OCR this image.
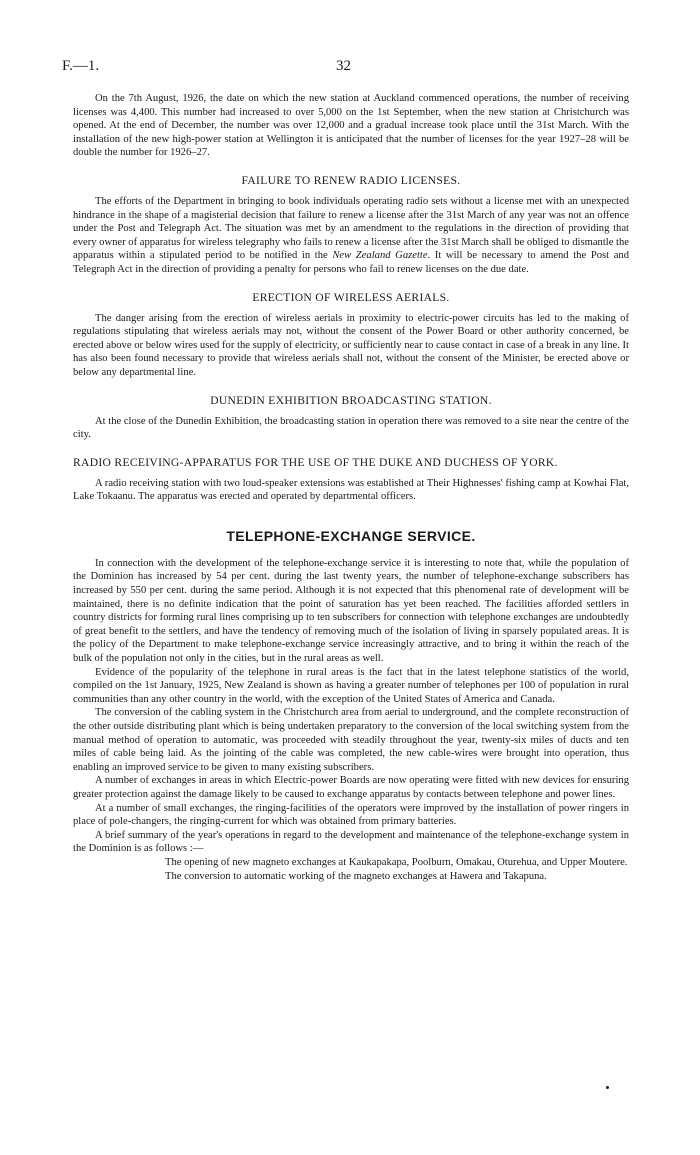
F.—1.	32

On the 7th August, 1926, the date on which the new station at Auckland commenced operations, the number of receiving licenses was 4,400. This number had increased to over 5,000 on the 1st September, when the new station at Christchurch was opened. At the end of December, the number was over 12,000 and a gradual increase took place until the 31st March. With the installation of the new high-power station at Wellington it is anticipated that the number of licenses for the year 1927–28 will be double the number for 1926–27.

FAILURE TO RENEW RADIO LICENSES.

The efforts of the Department in bringing to book individuals operating radio sets without a license met with an unexpected hindrance in the shape of a magisterial decision that failure to renew a license after the 31st March of any year was not an offence under the Post and Telegraph Act. The situation was met by an amendment to the regulations in the direction of providing that every owner of apparatus for wireless telegraphy who fails to renew a license after the 31st March shall be obliged to dismantle the apparatus within a stipulated period to be notified in the New Zealand Gazette. It will be necessary to amend the Post and Telegraph Act in the direction of providing a penalty for persons who fail to renew licenses on the due date.

ERECTION OF WIRELESS AERIALS.

The danger arising from the erection of wireless aerials in proximity to electric-power circuits has led to the making of regulations stipulating that wireless aerials may not, without the consent of the Power Board or other authority concerned, be erected above or below wires used for the supply of electricity, or sufficiently near to cause contact in case of a break in any line. It has also been found necessary to provide that wireless aerials shall not, without the consent of the Minister, be erected above or below any departmental line.

DUNEDIN EXHIBITION BROADCASTING STATION.

At the close of the Dunedin Exhibition, the broadcasting station in operation there was removed to a site near the centre of the city.

RADIO RECEIVING-APPARATUS FOR THE USE OF THE DUKE AND DUCHESS OF YORK.

A radio receiving station with two loud-speaker extensions was established at Their Highnesses' fishing camp at Kowhai Flat, Lake Tokaanu. The apparatus was erected and operated by departmental officers.

TELEPHONE-EXCHANGE SERVICE.

In connection with the development of the telephone-exchange service it is interesting to note that, while the population of the Dominion has increased by 54 per cent. during the last twenty years, the number of telephone-exchange subscribers has increased by 550 per cent. during the same period. Although it is not expected that this phenomenal rate of development will be maintained, there is no definite indication that the point of saturation has yet been reached. The facilities afforded settlers in country districts for forming rural lines comprising up to ten subscribers for connection with telephone exchanges are undoubtedly of great benefit to the settlers, and have the tendency of removing much of the isolation of living in sparsely populated areas. It is the policy of the Department to make telephone-exchange service increasingly attractive, and to bring it within the reach of the bulk of the population not only in the cities, but in the rural areas as well.

Evidence of the popularity of the telephone in rural areas is the fact that in the latest telephone statistics of the world, compiled on the 1st January, 1925, New Zealand is shown as having a greater number of telephones per 100 of population in rural communities than any other country in the world, with the exception of the United States of America and Canada.

The conversion of the cabling system in the Christchurch area from aerial to underground, and the complete reconstruction of the other outside distributing plant which is being undertaken preparatory to the conversion of the local switching system from the manual method of operation to automatic, was proceeded with steadily throughout the year, twenty-six miles of ducts and ten miles of cable being laid. As the jointing of the cable was completed, the new cable-wires were brought into operation, thus enabling an improved service to be given to many existing subscribers.

A number of exchanges in areas in which Electric-power Boards are now operating were fitted with new devices for ensuring greater protection against the damage likely to be caused to exchange apparatus by contacts between telephone and power lines.

At a number of small exchanges, the ringing-facilities of the operators were improved by the installation of power ringers in place of pole-changers, the ringing-current for which was obtained from primary batteries.

A brief summary of the year's operations in regard to the development and maintenance of the telephone-exchange system in the Dominion is as follows :—

The opening of new magneto exchanges at Kaukapakapa, Poolburn, Omakau, Oturehua, and Upper Moutere.

The conversion to automatic working of the magneto exchanges at Hawera and Takapuna.
